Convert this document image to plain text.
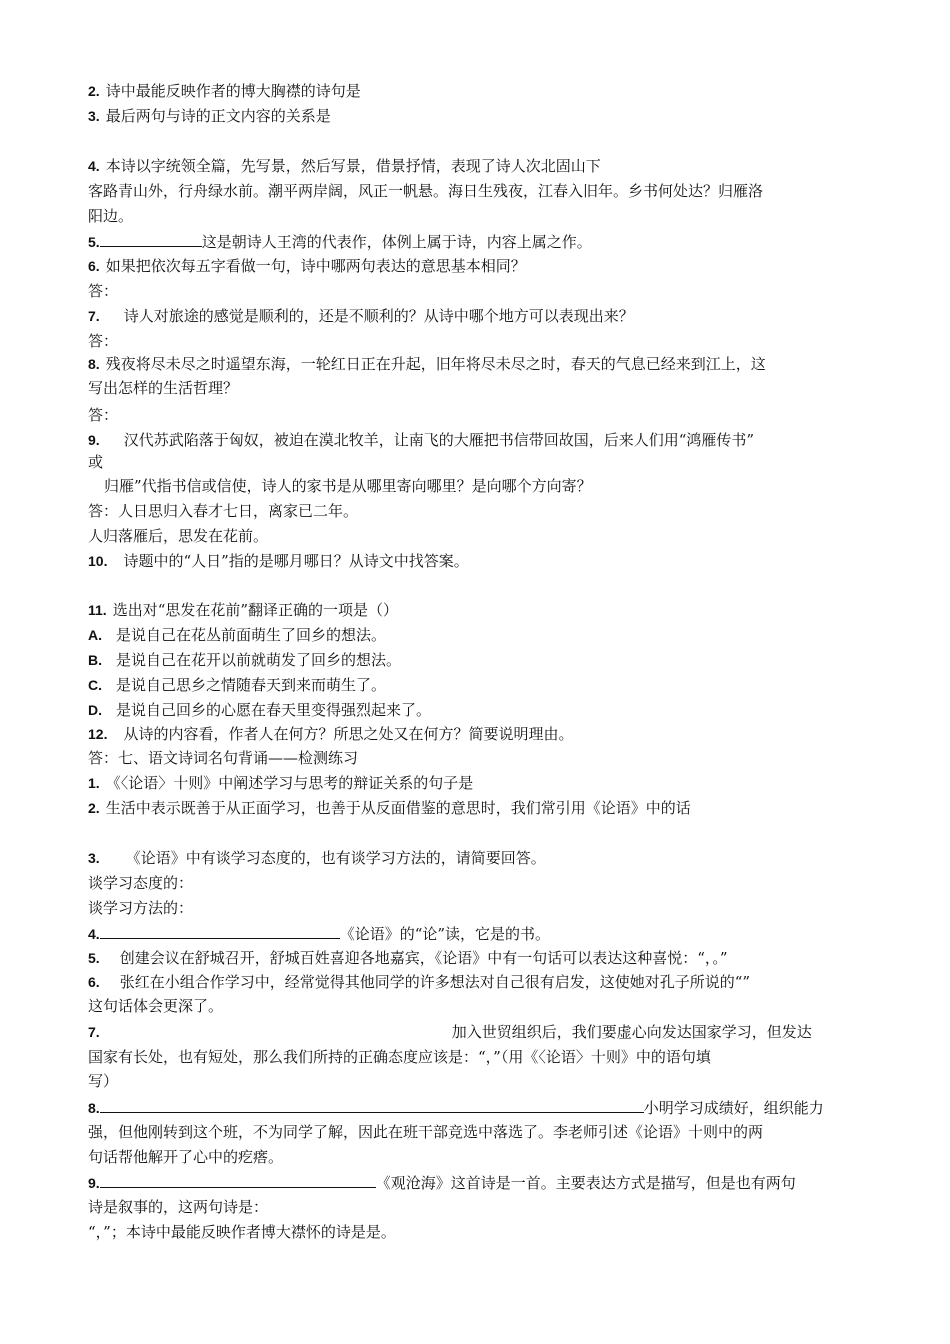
2. 诗中最能反映作者的博大胸襟的诗句是
3. 最后两句与诗的正文内容的关系是
4. 本诗以字统领全篇，先写景，然后写景，借景抒情，表现了诗人次北固山下
客路青山外，行舟绿水前。潮平两岸阔，风正一帆悬。海日生残夜，江春入旧年。乡书何处达？归雁洛
阳边。
5.	这是朝诗人王湾的代表作，体例上属于诗，内容上属之作。
6. 如果把依次每五字看做一句，诗中哪两句表达的意思基本相同？
答：
7. 诗人对旅途的感觉是顺利的，还是不顺利的？从诗中哪个地方可以表现出来？
答：
8. 残夜将尽未尽之时遥望东海，一轮红日正在升起，旧年将尽未尽之时，春天的气息已经来到江上，这
写出怎样的生活哲理？
答：
9. 汉代苏武陷落于匈奴，被迫在漠北牧羊，让南飞的大雁把书信带回故国，后来人们用“鸿雁传书”
或
归雁”代指书信或信使，诗人的家书是从哪里寄向哪里？是向哪个方向寄？
答：人日思归入春才七日，离家已二年。
人归落雁后，思发在花前。
10. 诗题中的“人日”指的是哪月哪日？从诗文中找答案。
11. 选出对“思发在花前”翻译正确的一项是（）
A. 是说自己在花丛前面萌生了回乡的想法。
B. 是说自己在花开以前就萌发了回乡的想法。
C. 是说自己思乡之情随春天到来而萌生了。
D. 是说自己回乡的心愿在春天里变得强烈起来了。
12. 从诗的内容看，作者人在何方？所思之处又在何方？简要说明理由。
答：七、语文诗词名句背诵——检测练习
1. 《〈论语〉十则》中阐述学习与思考的辩证关系的句子是
2. 生活中表示既善于从正面学习，也善于从反面借鉴的意思时，我们常引用《论语》中的话
3. 《论语》中有谈学习态度的，也有谈学习方法的，请简要回答。
谈学习态度的：
谈学习方法的：
4.	《论语》的“论”读，它是的书。
5. 创建会议在舒城召开，舒城百姓喜迎各地嘉宾，《论语》中有一句话可以表达这种喜悦：“，。”
6. 张红在小组合作学习中，经常觉得其他同学的许多想法对自己很有启发，这使她对孔子所说的“”
这句话体会更深了。
7.	加入世贸组织后，我们要虚心向发达国家学习，但发达
国家有长处，也有短处，那么我们所持的正确态度应该是：“，”（用《〈论语〉十则》中的语句填
写）
8.	小明学习成绩好，组织能力
强，但他刚转到这个班，不为同学了解，因此在班干部竞选中落选了。李老师引述《论语》十则中的两
句话帮他解开了心中的疙瘩。
9.	《观沧海》这首诗是一首。主要表达方式是描写，但是也有两句
诗是叙事的，这两句诗是：
“，”；本诗中最能反映作者博大襟怀的诗是是。
